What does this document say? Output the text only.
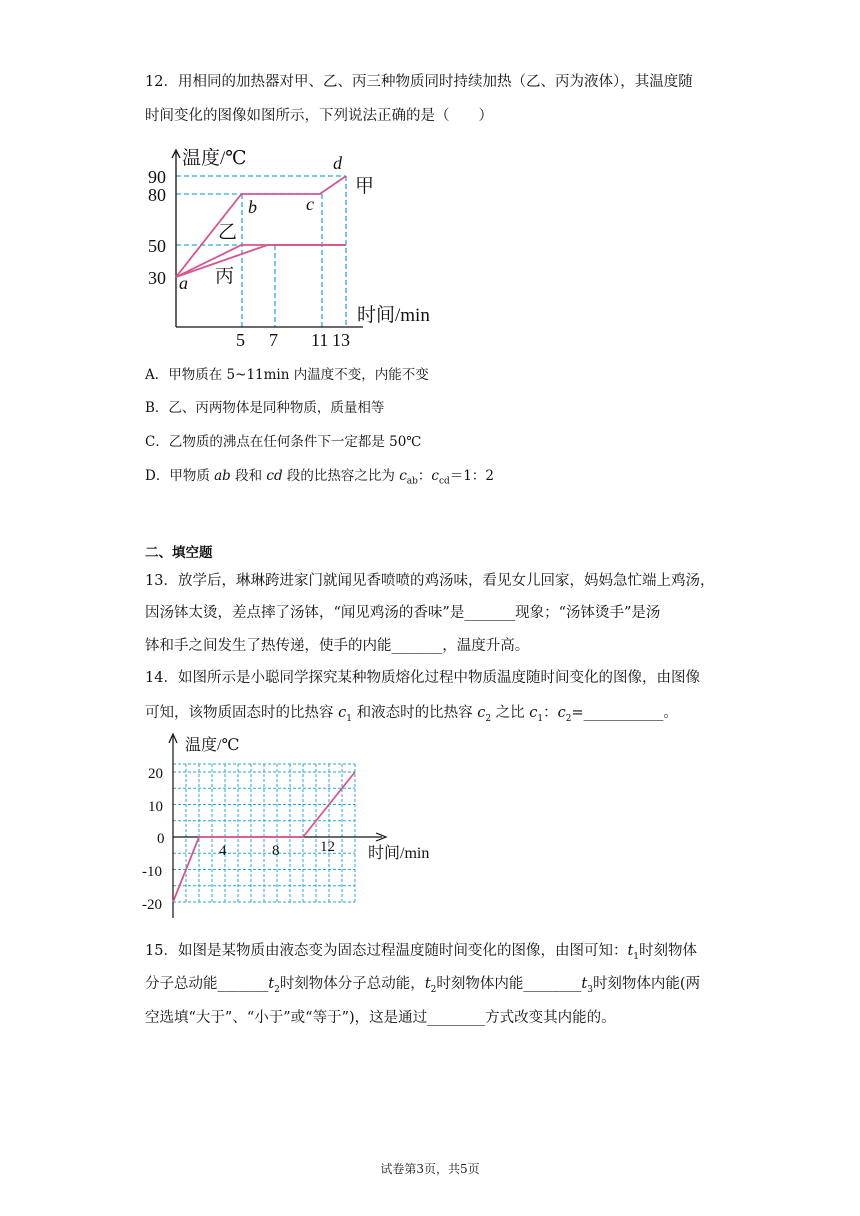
12．用相同的加热器对甲、乙、丙三种物质同时持续加热（乙、丙为液体），其温度随
时间变化的图像如图所示，下列说法正确的是（　　）
温度/℃
时间/min
90
80
50
30
5 7 11 13
a
b	c
d
甲
乙
丙
A．甲物质在 5~11min 内温度不变，内能不变
B．乙、丙两物体是同种物质，质量相等
C．乙物质的沸点在任何条件下一定都是 50℃
D．甲物质 ab 段和 cd 段的比热容之比为 $c_{ab}$：$c_{cd}=1$：2
二、填空题
13．放学后，琳琳跨进家门就闻见香喷喷的鸡汤味，看见女儿回家，妈妈急忙端上鸡汤，
因汤钵太烫，差点摔了汤钵，“闻见鸡汤的香味”是_______现象；“汤钵烫手”是汤
钵和手之间发生了热传递，使手的内能_______，温度升高。
14．如图所示是小聪同学探究某种物质熔化过程中物质温度随时间变化的图像，由图像
可知，该物质固态时的比热容 $c_1$ 和液态时的比热容 $c_2$ 之比 $c_1$：$c_2=\_\_\_\_\_\_\_\_\_\_\_$。
温度/℃
时间/min
20
10
0
-10
-20
4	8	12
15．如图是某物质由液态变为固态过程温度随时间变化的图像，由图可知：$t_1$时刻物体
分子总动能$\_\_\_\_\_\_\_t_2$时刻物体分子总动能，$t_2$时刻物体内能$\_\_\_\_\_\_\_\_t_3$时刻物体内能(两
空选填“大于”、“小于”或“等于”)，这是通过________方式改变其内能的。
试卷第3页，共5页
